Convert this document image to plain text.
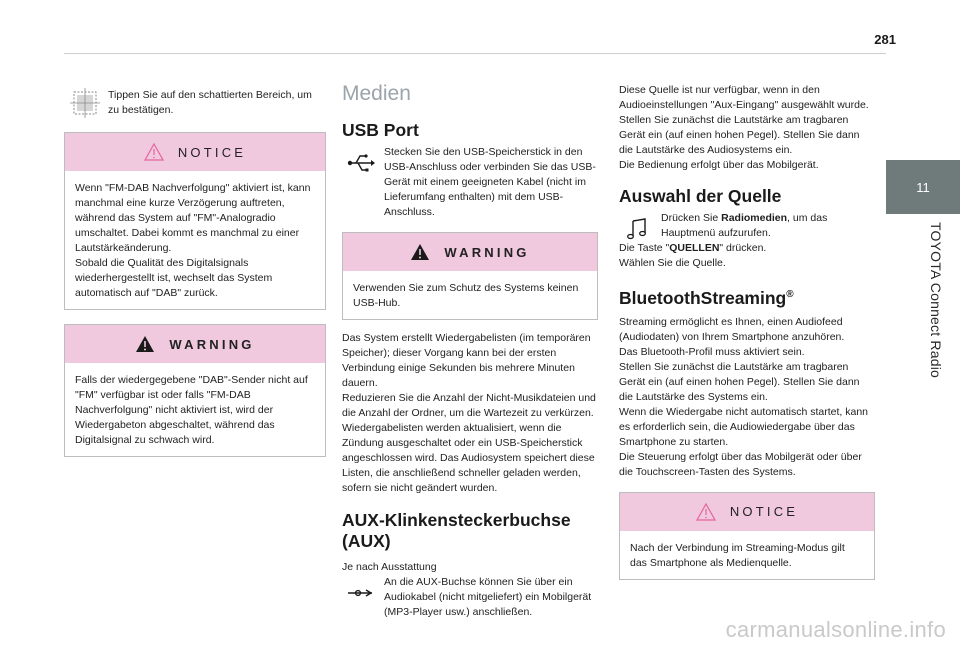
281
11
TOYOTA Connect Radio

Tippen Sie auf den schattierten Bereich, um zu bestätigen.

NOTICE

Wenn "FM-DAB Nachverfolgung" aktiviert ist, kann manchmal eine kurze Verzögerung auftreten, während das System auf "FM"-Analogradio umschaltet. Dabei kommt es manchmal zu einer Lautstärkeänderung.
Sobald die Qualität des Digitalsignals wiederhergestellt ist, wechselt das System automatisch auf "DAB" zurück.

WARNING

Falls der wiedergegebene "DAB"-Sender nicht auf "FM" verfügbar ist oder falls "FM-DAB Nachverfolgung" nicht aktiviert ist, wird der Wiedergabeton abgeschaltet, während das Digitalsignal zu schwach wird.

Medien
USB Port

Stecken Sie den USB-Speicherstick in den USB-Anschluss oder verbinden Sie das USB-Gerät mit einem geeigneten Kabel (nicht im Lieferumfang enthalten) mit dem USB-Anschluss.

WARNING

Verwenden Sie zum Schutz des Systems keinen USB-Hub.

Das System erstellt Wiedergabelisten (im temporären Speicher); dieser Vorgang kann bei der ersten Verbindung einige Sekunden bis mehrere Minuten dauern.
Reduzieren Sie die Anzahl der Nicht-Musikdateien und die Anzahl der Ordner, um die Wartezeit zu verkürzen.
Wiedergabelisten werden aktualisiert, wenn die Zündung ausgeschaltet oder ein USB-Speicherstick angeschlossen wird. Das Audiosystem speichert diese Listen, die anschließend schneller geladen werden, sofern sie nicht geändert wurden.

AUX-Klinkensteckerbuchse (AUX)

Je nach Ausstattung

An die AUX-Buchse können Sie über ein Audiokabel (nicht mitgeliefert) ein Mobilgerät (MP3-Player usw.) anschließen.

Diese Quelle ist nur verfügbar, wenn in den Audioeinstellungen "Aux-Eingang" ausgewählt wurde.
Stellen Sie zunächst die Lautstärke am tragbaren Gerät ein (auf einen hohen Pegel). Stellen Sie dann die Lautstärke des Audiosystems ein.
Die Bedienung erfolgt über das Mobilgerät.

Auswahl der Quelle

Drücken Sie Radiomedien, um das Hauptmenü aufzurufen.

Die Taste "QUELLEN" drücken.

Wählen Sie die Quelle.

BluetoothStreaming®

Streaming ermöglicht es Ihnen, einen Audiofeed (Audiodaten) von Ihrem Smartphone anzuhören.
Das Bluetooth-Profil muss aktiviert sein.
Stellen Sie zunächst die Lautstärke am tragbaren Gerät ein (auf einen hohen Pegel). Stellen Sie dann die Lautstärke des Systems ein.
Wenn die Wiedergabe nicht automatisch startet, kann es erforderlich sein, die Audiowiedergabe über das Smartphone zu starten.
Die Steuerung erfolgt über das Mobilgerät oder über die Touchscreen-Tasten des Systems.

NOTICE

Nach der Verbindung im Streaming-Modus gilt das Smartphone als Medienquelle.

carmanualsonline.info
